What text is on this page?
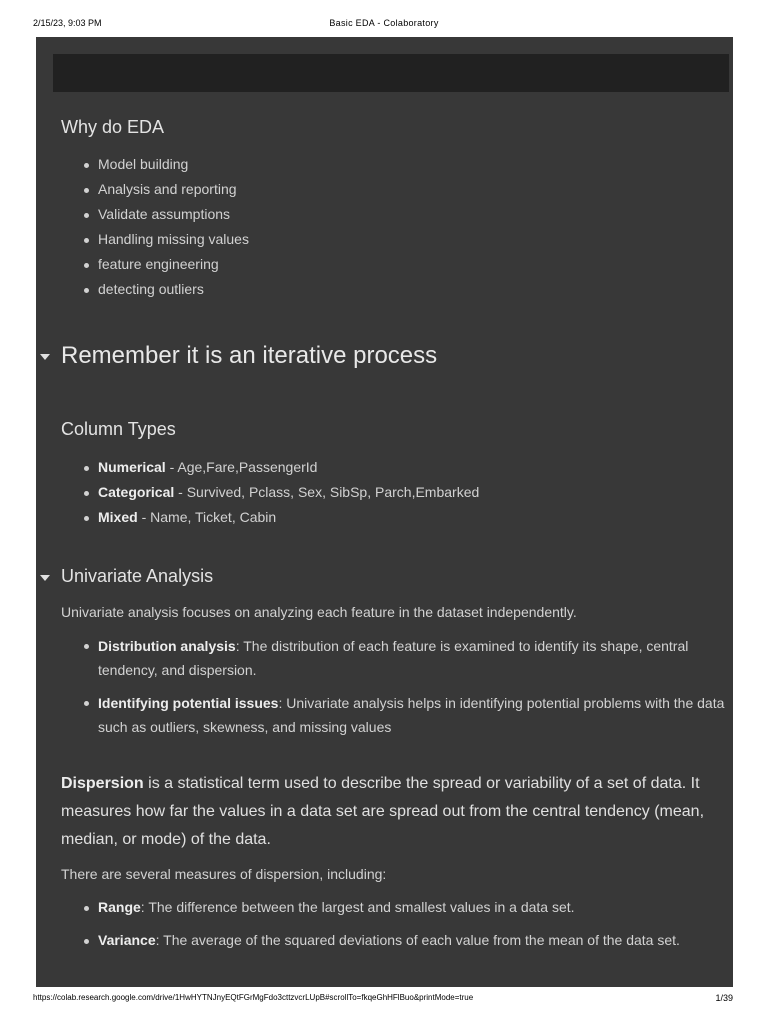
2/15/23, 9:03 PM	Basic EDA - Colaboratory
Why do EDA
Model building
Analysis and reporting
Validate assumptions
Handling missing values
feature engineering
detecting outliers
Remember it is an iterative process
Column Types
Numerical - Age,Fare,PassengerId
Categorical - Survived, Pclass, Sex, SibSp, Parch,Embarked
Mixed - Name, Ticket, Cabin
Univariate Analysis

Univariate analysis focuses on analyzing each feature in the dataset independently.

Distribution analysis: The distribution of each feature is examined to identify its shape, central tendency, and dispersion.
Identifying potential issues: Univariate analysis helps in identifying potential problems with the data such as outliers, skewness, and missing values

Dispersion is a statistical term used to describe the spread or variability of a set of data. It measures how far the values in a data set are spread out from the central tendency (mean, median, or mode) of the data.

There are several measures of dispersion, including:

Range: The difference between the largest and smallest values in a data set.
Variance: The average of the squared deviations of each value from the mean of the data set.
https://colab.research.google.com/drive/1HwHYTNJnyEQtFGrMgFdo3cttzvcrLUpB#scrollTo=fkqeGhHFlBuo&printMode=true	1/39
